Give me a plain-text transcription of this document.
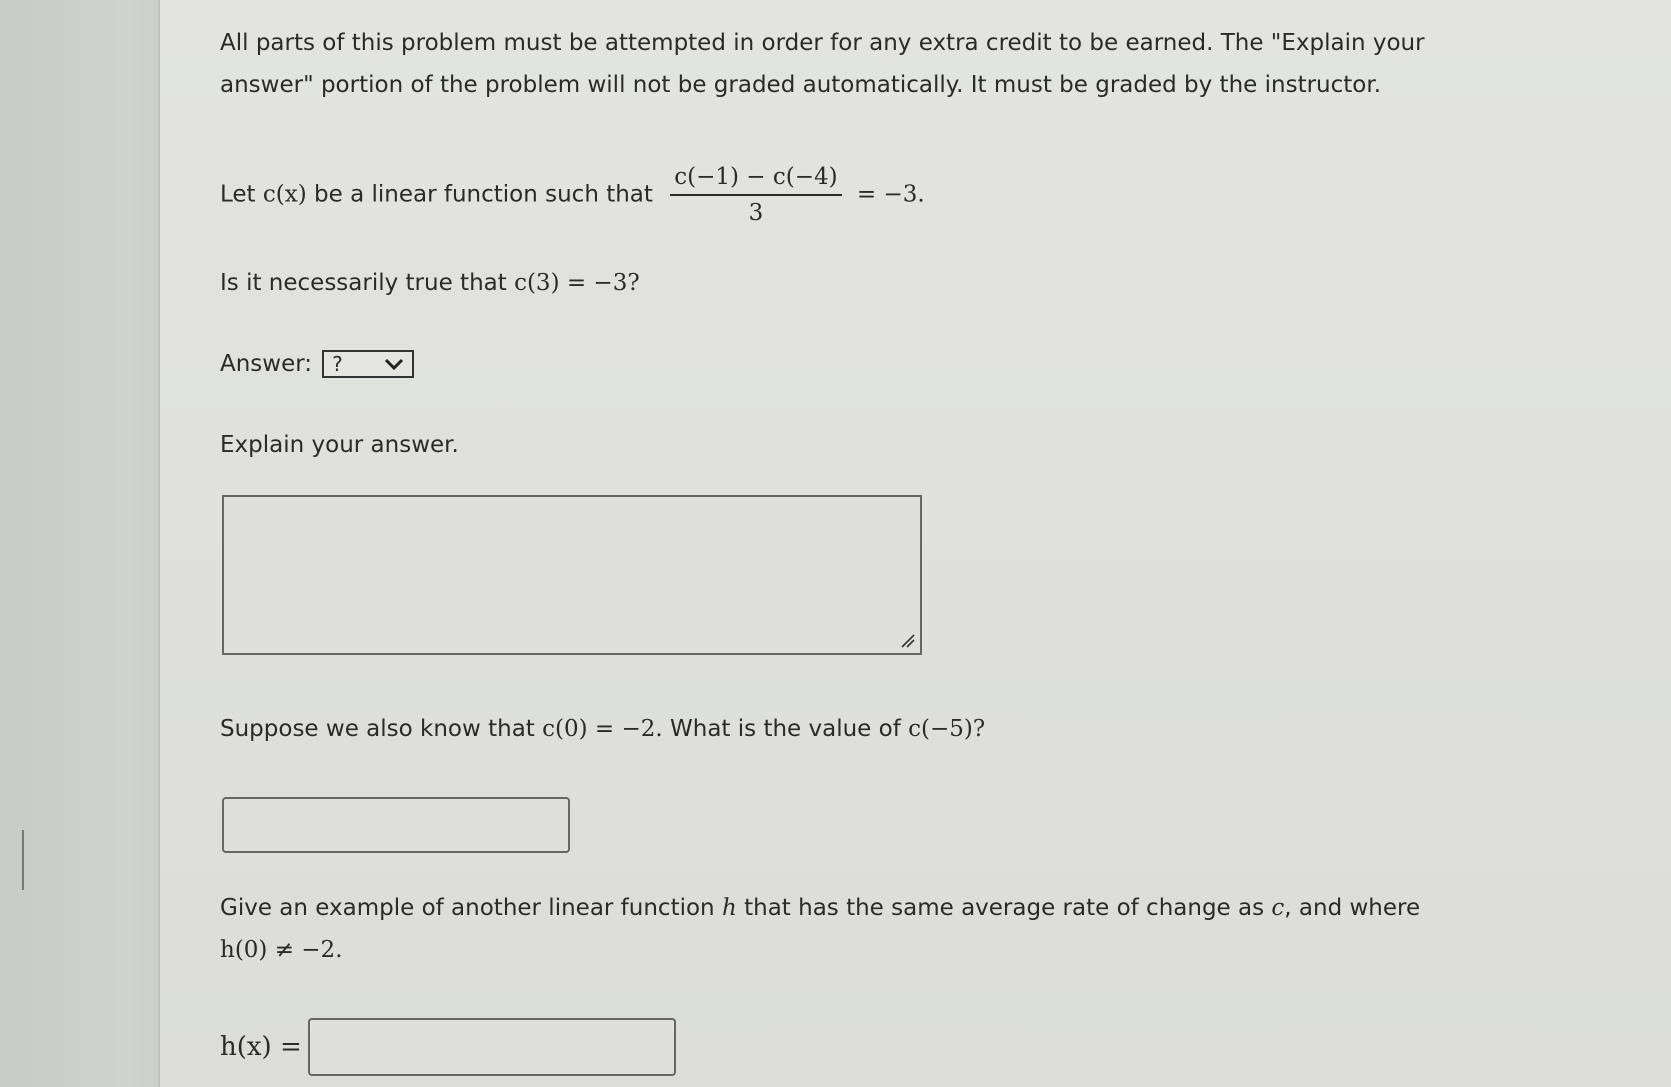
All parts of this problem must be attempted in order for any extra credit to be earned. The "Explain your
answer" portion of the problem will not be graded automatically. It must be graded by the instructor.
Let c(x) be a linear function such that $\frac{c(-1) - c(-4)}{3} = -3$.
Is it necessarily true that c(3) = −3?
Answer: ?
Explain your answer.
Suppose we also know that c(0) = −2. What is the value of c(−5)?
Give an example of another linear function h that has the same average rate of change as c, and where
h(0) ≠ −2.
h(x) =
